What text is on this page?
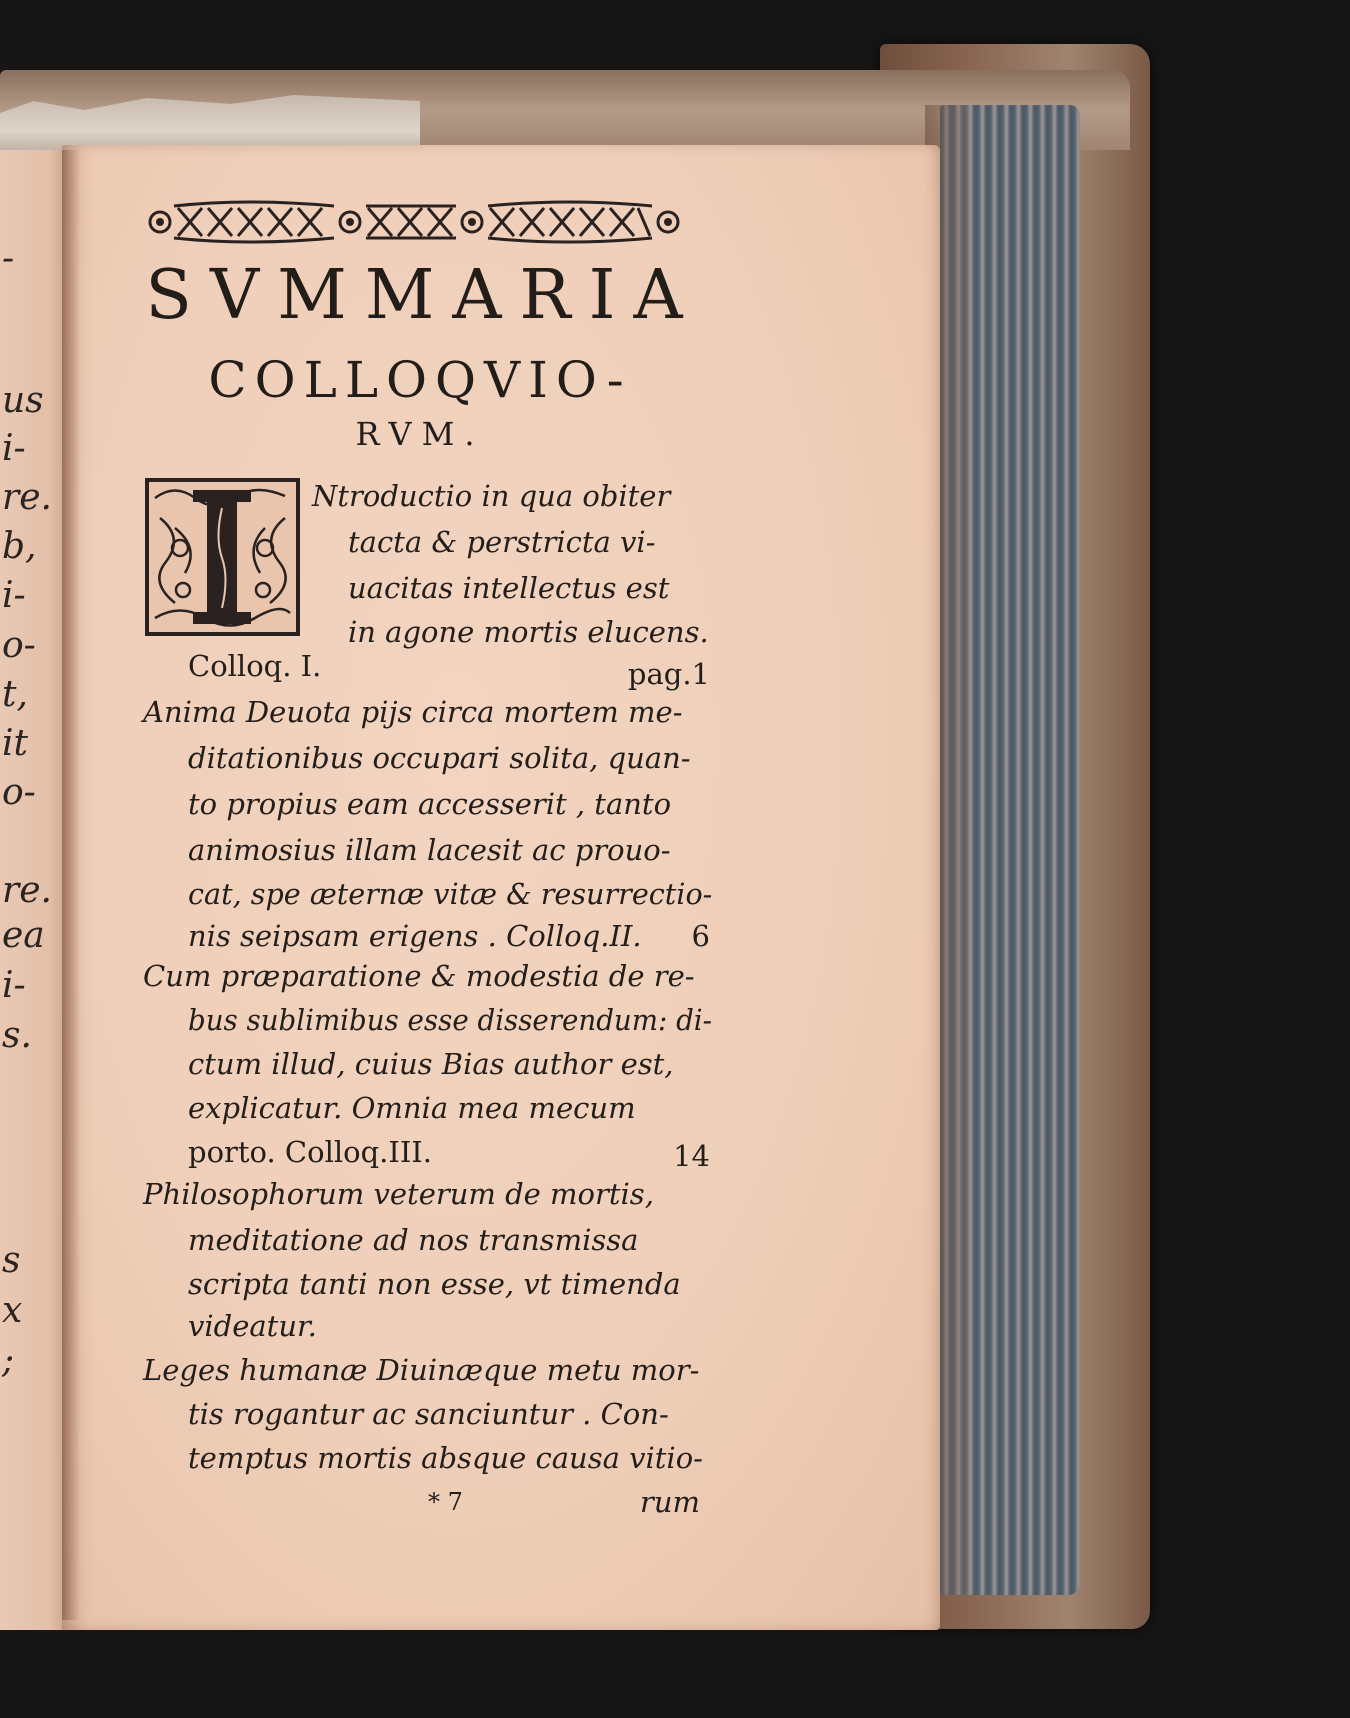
-
us
i-
re.
b,
i-
o-
t,
it
o-
re.
ea
i-
s.
s
x
;
SVMMARIA
COLLOQVIO-
RVM.
Ntroductio in qua obiter
tacta & perstricta vi-
uacitas intellectus est
in agone mortis elucens.
Colloq. I.	pag.1
Anima Deuota pijs circa mortem me-
ditationibus occupari solita, quan-
to propius eam accesserit , tanto
animosius illam lacesit ac prouo-
cat, spe æternæ vitæ & resurrectio-
nis seipsam erigens . Colloq.II.	6
Cum præparatione & modestia de re-
bus sublimibus esse disserendum: di-
ctum illud, cuius Bias author est,
explicatur. Omnia mea mecum
porto. Colloq.III.	14
Philosophorum veterum de mortis,
meditatione ad nos transmissa
scripta tanti non esse, vt timenda
videatur.
Leges humanæ Diuinæque metu mor-
tis rogantur ac sanciuntur . Con-
temptus mortis absque causa vitio-
* 7	rum
